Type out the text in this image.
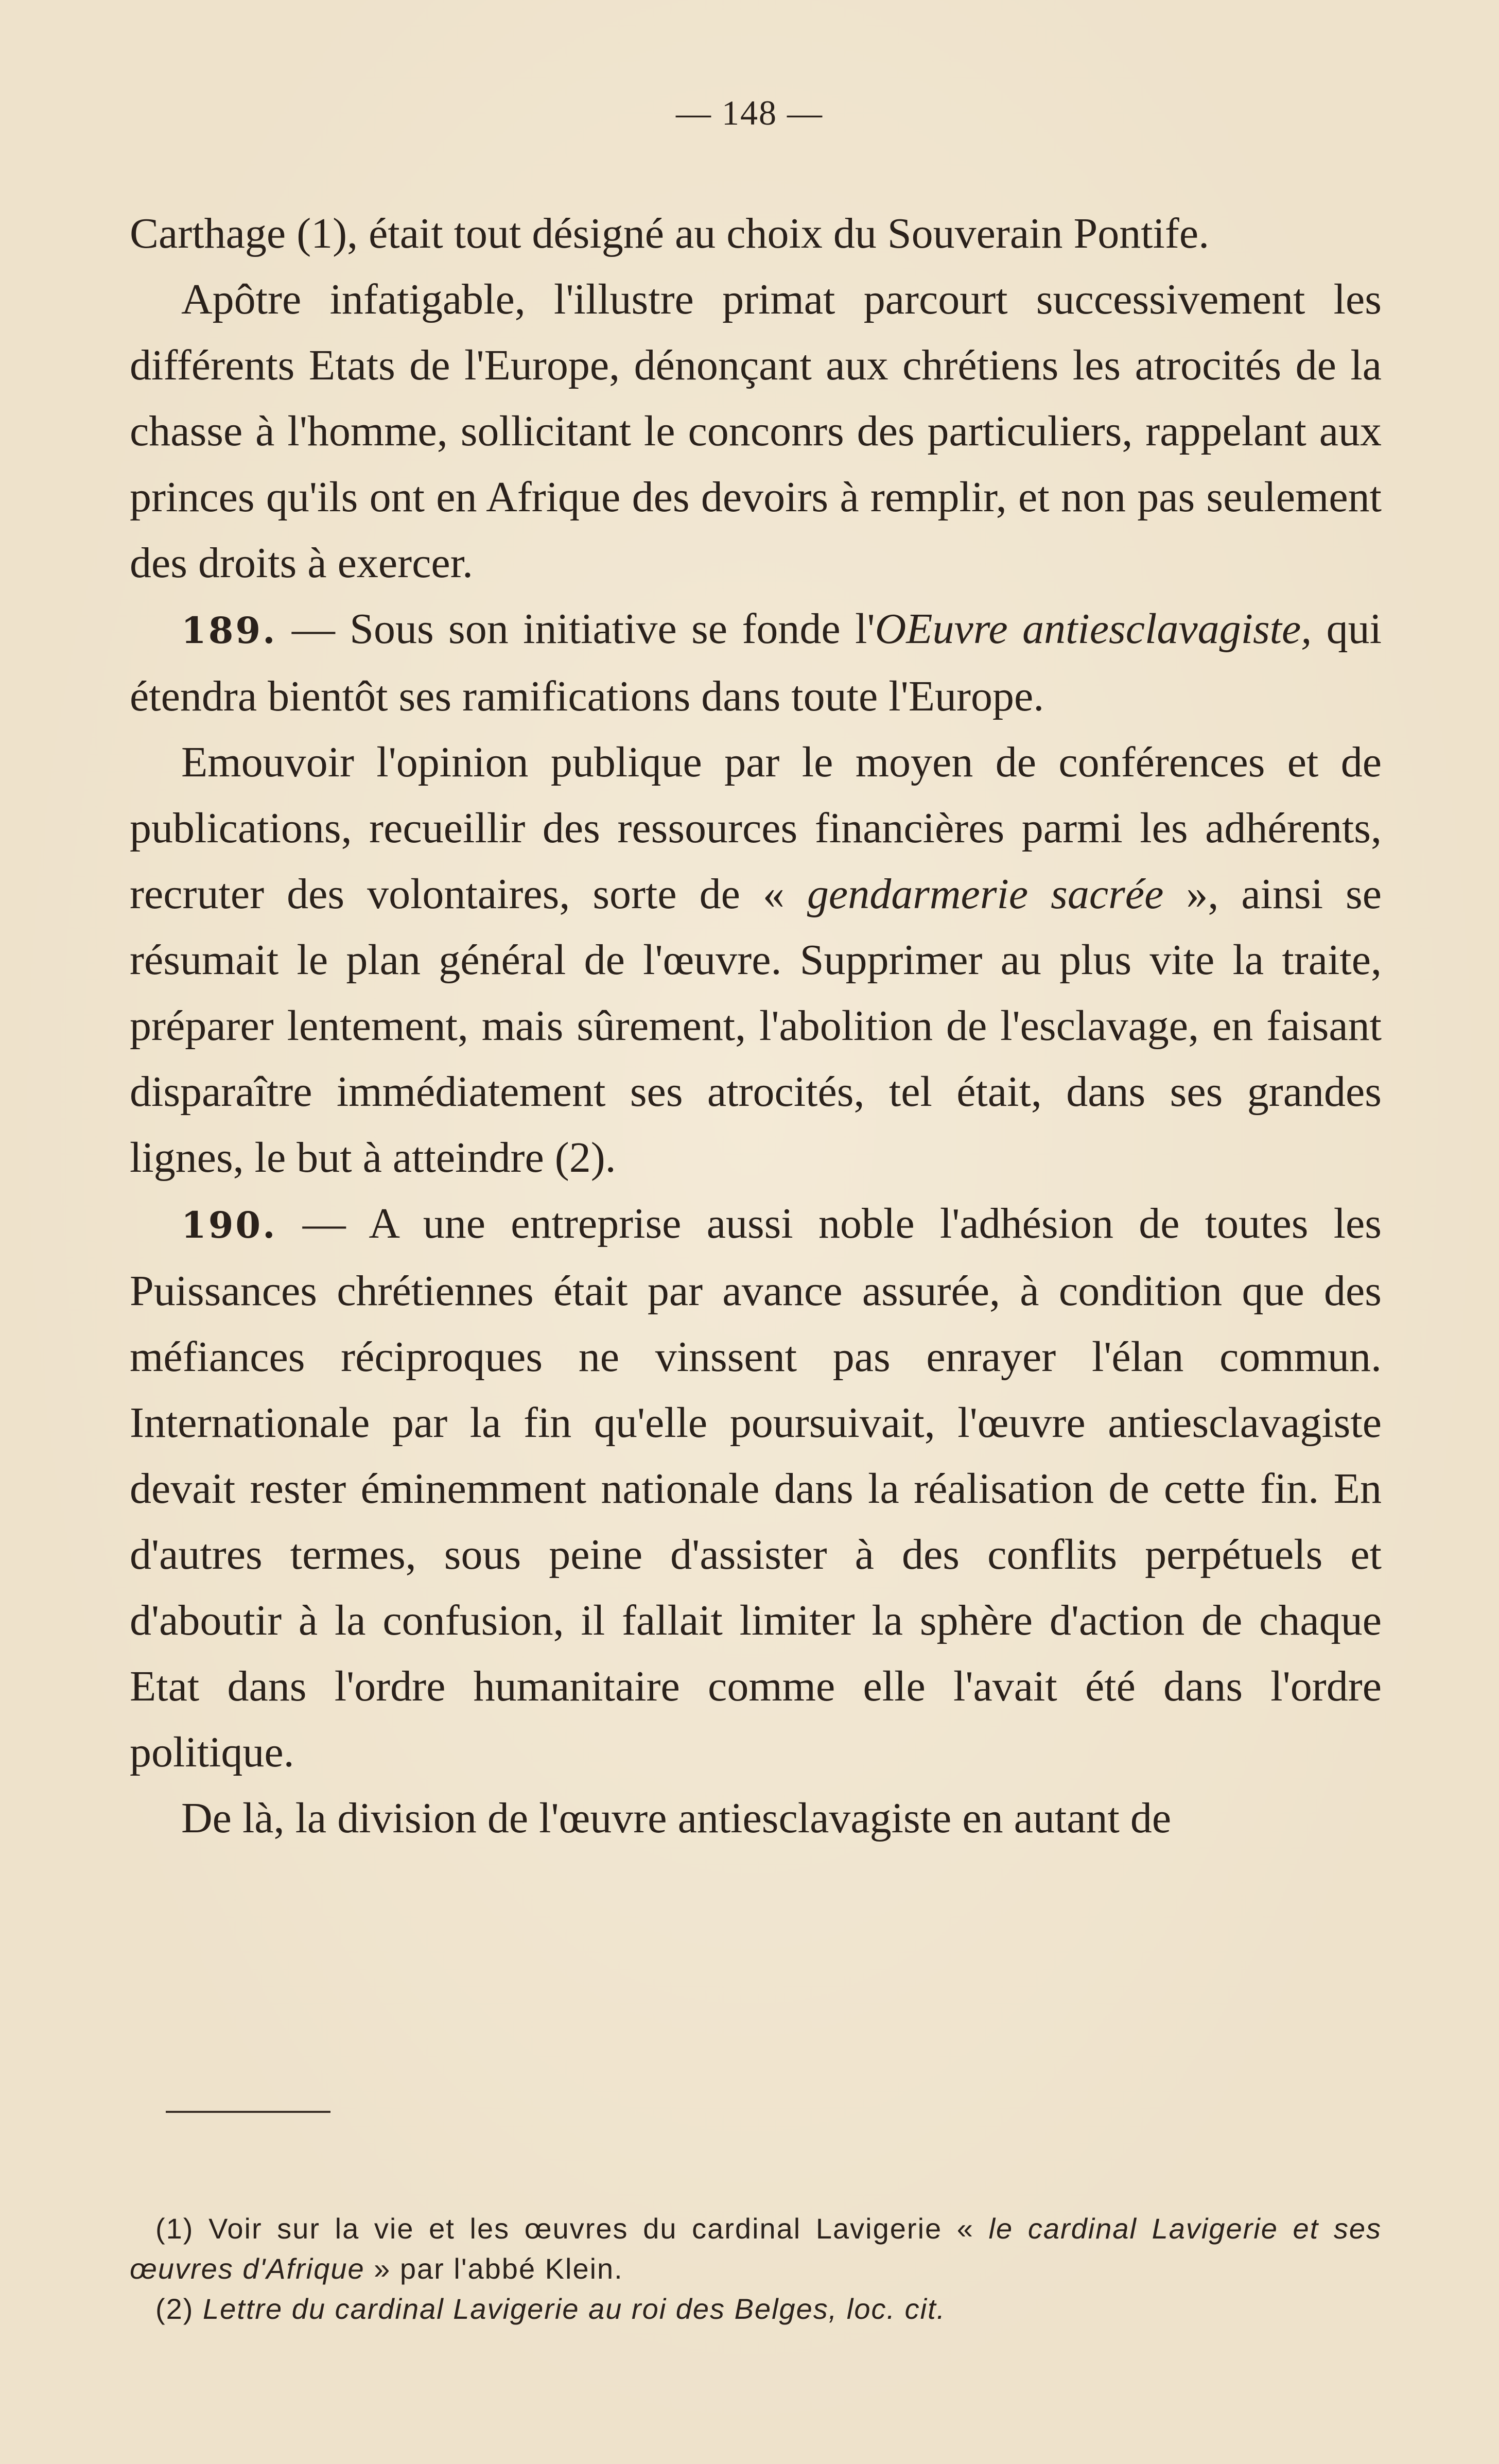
— 148 —

Carthage (1), était tout désigné au choix du Souverain Pontife.

Apôtre infatigable, l'illustre primat parcourt successivement les différents Etats de l'Europe, dénonçant aux chrétiens les atrocités de la chasse à l'homme, sollicitant le conconrs des particuliers, rappelant aux princes qu'ils ont en Afrique des devoirs à remplir, et non pas seulement des droits à exercer.

189. — Sous son initiative se fonde l'OEuvre antiesclavagiste, qui étendra bientôt ses ramifications dans toute l'Europe.

Emouvoir l'opinion publique par le moyen de conférences et de publications, recueillir des ressources financières parmi les adhérents, recruter des volontaires, sorte de « gendarmerie sacrée », ainsi se résumait le plan général de l'œuvre. Supprimer au plus vite la traite, préparer lentement, mais sûrement, l'abolition de l'esclavage, en faisant disparaître immédiatement ses atrocités, tel était, dans ses grandes lignes, le but à atteindre (2).

190. — A une entreprise aussi noble l'adhésion de toutes les Puissances chrétiennes était par avance assurée, à condition que des méfiances réciproques ne vinssent pas enrayer l'élan commun. Internationale par la fin qu'elle poursuivait, l'œuvre antiesclavagiste devait rester éminemment nationale dans la réalisation de cette fin. En d'autres termes, sous peine d'assister à des conflits perpétuels et d'aboutir à la confusion, il fallait limiter la sphère d'action de chaque Etat dans l'ordre humanitaire comme elle l'avait été dans l'ordre politique.

De là, la division de l'œuvre antiesclavagiste en autant de

(1) Voir sur la vie et les œuvres du cardinal Lavigerie « le cardinal Lavigerie et ses œuvres d'Afrique » par l'abbé Klein.

(2) Lettre du cardinal Lavigerie au roi des Belges, loc. cit.
